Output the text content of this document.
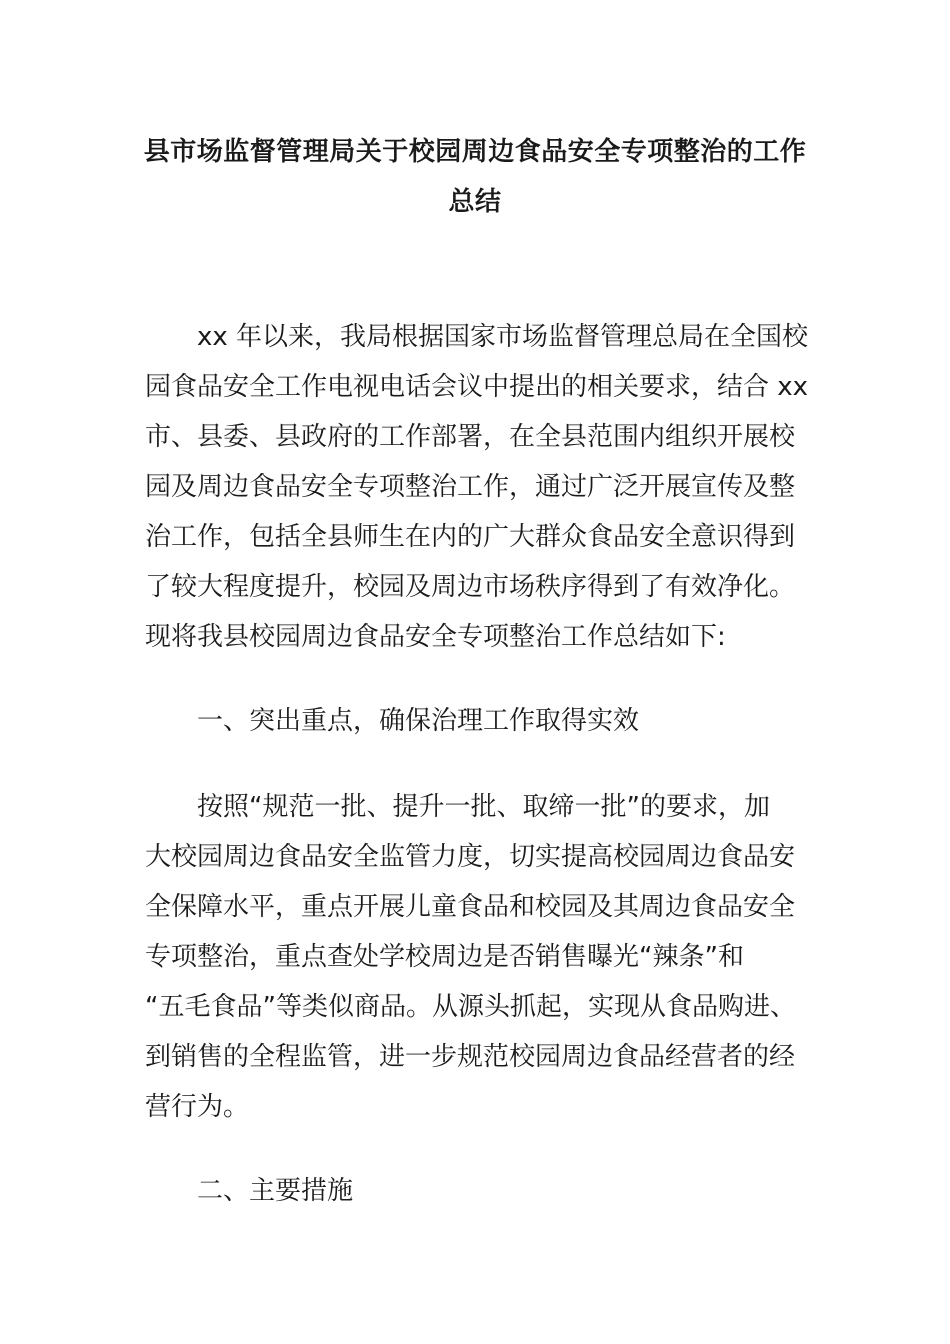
县市场监督管理局关于校园周边食品安全专项整治的工作
总结

xx 年以来，我局根据国家市场监督管理总局在全国校
园食品安全工作电视电话会议中提出的相关要求，结合 xx
市、县委、县政府的工作部署，在全县范围内组织开展校
园及周边食品安全专项整治工作，通过广泛开展宣传及整
治工作，包括全县师生在内的广大群众食品安全意识得到
了较大程度提升，校园及周边市场秩序得到了有效净化。
现将我县校园周边食品安全专项整治工作总结如下:

一、突出重点，确保治理工作取得实效

按照“规范一批、提升一批、取缔一批”的要求，加
大校园周边食品安全监管力度，切实提高校园周边食品安
全保障水平，重点开展儿童食品和校园及其周边食品安全
专项整治，重点查处学校周边是否销售曝光“辣条”和
“五毛食品”等类似商品。从源头抓起，实现从食品购进、
到销售的全程监管，进一步规范校园周边食品经营者的经
营行为。

二、主要措施
